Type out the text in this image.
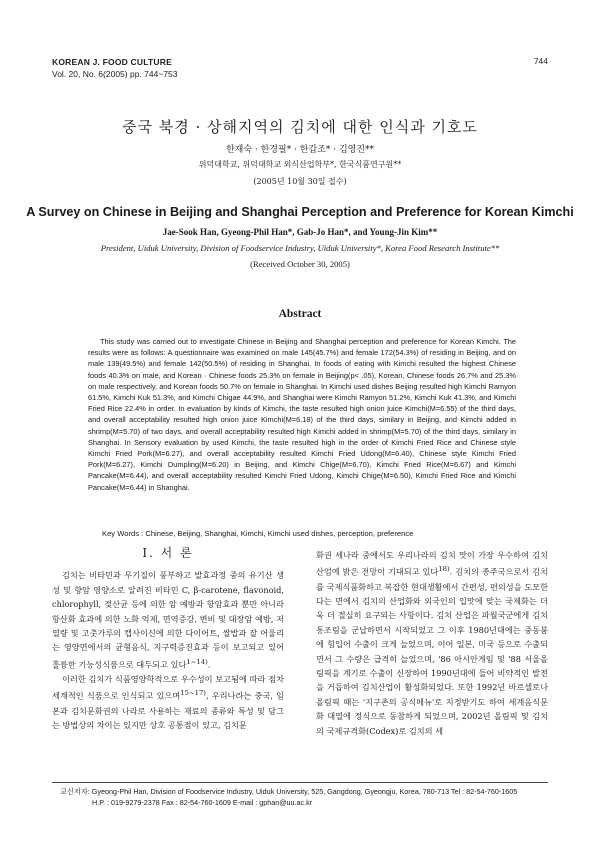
KOREAN J. FOOD CULTURE
Vol. 20, No. 6(2005) pp. 744~753
744
중국 북경 · 상해지역의 김치에 대한 인식과 기호도
한재숙 · 한경필* · 한갑조* · 김영진**
위덕대학교, 위덕대학교 외식산업학부*, 한국식품연구원**
(2005년 10월 30일 접수)
A Survey on Chinese in Beijing and Shanghai Perception and Preference for Korean Kimchi
Jae-Sook Han, Gyeong-Phil Han*, Gab-Jo Han*, and Young-Jin Kim**
President, Uiduk University, Division of Foodservice Industry, Uiduk University*, Korea Food Research Institute**
(Received October 30, 2005)
Abstract
This study was carried out to investigate Chinese in Beijing and Shanghai perception and preference for Korean Kimchi. The results were as follows: A questionnaire was examined on male 145(45.7%) and female 172(54.3%) of residing in Beijing, and on male 139(49.5%) and female 142(50.5%) of residing in Shanghai. In foods of eating with Kimchi resulted the highest Chinese foods 40.3% on male, and Korean · Chinese foods 25.3% on female in Beijing(p< .05), Korean, Chinese foods 26.7% and 25.3% on male respectively, and Korean foods 50.7% on female in Shanghai. In Kimchi used dishes Beijing resulted high Kimchi Ramyon 61.5%, Kimchi Kuk 51.3%, and Kimchi Chigae 44.9%, and Shanghai were Kimchi Ramyon 51.2%, Kimchi Kuk 41.3%, and Kimchi Fried Rice 22.4% in order. In evaluation by kinds of Kimchi, the taste resulted high onion juice Kimchi(M=6.55) of the third days, and overall acceptability resulted high onion juice Kimchi(M=6.18) of the third days, similary in Beijing, and Kimchi added in shrimp(M=5.70) of two days, and overall acceptability resulted high Kimchi added in shrimp(M=5.70) of the third days, similary in Shanghai. In Sensory evaluation by used Kimchi, the taste resulted high in the order of Kimchi Fried Rice and Chinese style Kimchi Fried Pork(M=6.27), and overall acceptability resulted Kimchi Fried Udong(M=6.40), Chinese style Kimchi Fried Pork(M=6.27), Kimchi Dumpling(M=6.20) in Beijing, and Kimchi Chige(M=6.70), Kimchi Fried Rice(M=6.67) and Kimchi Pancake(M=6.44), and overall acceptability resulted Kimchi Fried Udong, Kimchi Chige(M=6.50), Kimchi Fried Rice and Kimchi Pancake(M=6.44) in Shanghai.
Key Words : Chinese, Beijing, Shanghai, Kimchi, Kimchi used dishes, perception, preference
I. 서 론

김치는 비타민과 무기질이 풍부하고 발효과정 중의 유기산 생성 및 향암 영양소로 알려진 비타민 C, β-carotene, flavonoid, chlorophyll, 젖산균 등에 의한 암 예방과 항암효과 뿐만 아니라 항산화 효과에 의한 노화 억제, 면역증강, 변비 및 대장암 예방, 저 열량 및 고춧가루의 캡사이신에 의한 다이어트, 쌀밥과 잘 어울리는 영양면에서의 균형음식, 지구력증진효과 등이 보고되고 있어 훌륭한 기능성식품으로 대두되고 있다$^{1\sim 14)}$.

이러한 김치가 식품영양학적으로 우수성이 보고됨에 따라 점차 세계적인 식품으로 인식되고 있으며$^{15\sim 17)}$, 우리나라는 중국, 일본과 김치문화권의 나라로 사용하는 재료의 종류와 특성 및 담그는 방법상의 차이는 있지만 상호 공통점이 있고, 김치문

화권 세나라 중에서도 우리나라의 김치 맛이 가장 우수하여 김치산업에 밝은 전망이 기대되고 있다$^{18)}$. 김치의 종주국으로서 김치를 국제식품화하고 복잡한 현대생활에서 간편성, 편의성을 도모한다는 면에서 김치의 산업화와 외국인의 입맛에 맞는 국제화는 더욱 더 절실히 요구되는 사항이다. 김치 산업은 파월국군에게 김치통조림을 군납하면서 시작되었고 그 이후 1980년대에는 중동붐에 힘입어 수출이 크게 늘었으며, 이어 일본, 미국 등으로 수출되면서 그 수량은 급격히 늘었으며, '86 아시안게임 및 '88 서울올림픽을 계기로 수출이 신장하여 1990년대에 들어 비약적인 발전을 거듭하여 김치산업이 활성화되었다. 또한 1992년 바르셀로나 올림픽 때는 '지구촌의 공식메뉴'로 지정받기도 하여 세계음식문화 대열에 정식으로 동참하게 되었으며, 2002년 올림픽 및 김치의 국제규격화(Codex)로 김치의 세

교신저자: Gyeong-Phil Han, Division of Foodservice Industry, Uiduk University, 525, Gangdong, Gyeongju, Korea, 780-713 Tel : 82-54-760-1605
H.P. : 019-9279-2378 Fax : 82-54-760-1609 E-mail : gphan@uu.ac.kr
